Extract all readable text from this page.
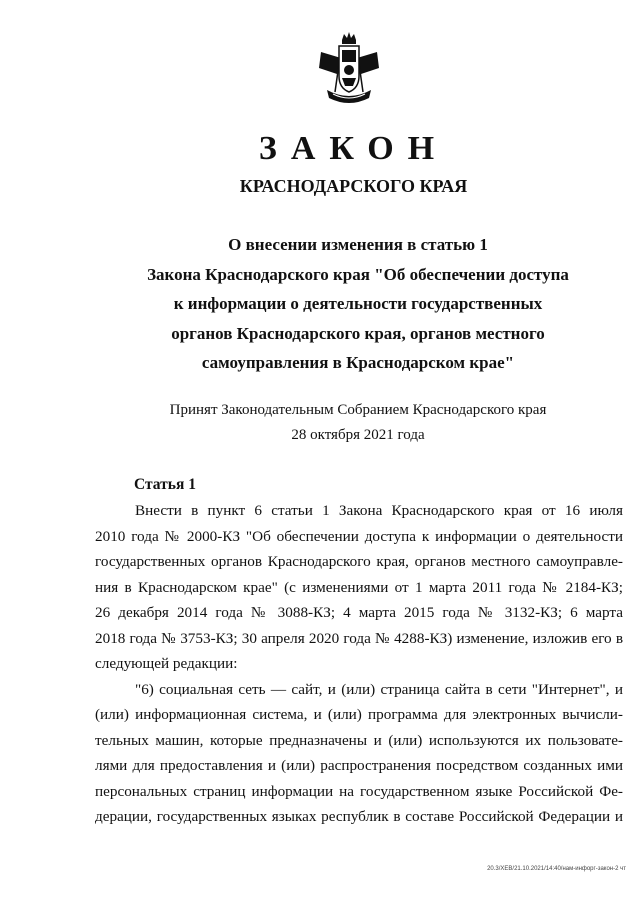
ЗАКОН
КРАСНОДАРСКОГО КРАЯ
О внесении изменения в статью 1
Закона Краснодарского края "Об обеспечении доступа
к информации о деятельности государственных
органов Краснодарского края, органов местного
самоуправления в Краснодарском крае"
Принят Законодательным Собранием Краснодарского края
28 октября 2021 года
Статья 1
Внести в пункт 6 статьи 1 Закона Краснодарского края от 16 июля
2010 года № 2000-КЗ "Об обеспечении доступа к информации о деятельности
государственных органов Краснодарского края, органов местного самоуправле-
ния в Краснодарском крае" (с изменениями от 1 марта 2011 года № 2184-КЗ;
26 декабря 2014 года № 3088-КЗ; 4 марта 2015 года № 3132-КЗ; 6 марта
2018 года № 3753-КЗ; 30 апреля 2020 года № 4288-КЗ) изменение, изложив его в
следующей редакции:
"6) социальная сеть — сайт, и (или) страница сайта в сети "Интернет", и
(или) информационная система, и (или) программа для электронных вычисли-
тельных машин, которые предназначены и (или) используются их пользовате-
лями для предоставления и (или) распространения посредством созданных ими
персональных страниц информации на государственном языке Российской Фе-
дерации, государственных языках республик в составе Российской Федерации и
20.3/ХЕВ/21.10.2021/14:40/нам-инфорг-закон-2 чт
